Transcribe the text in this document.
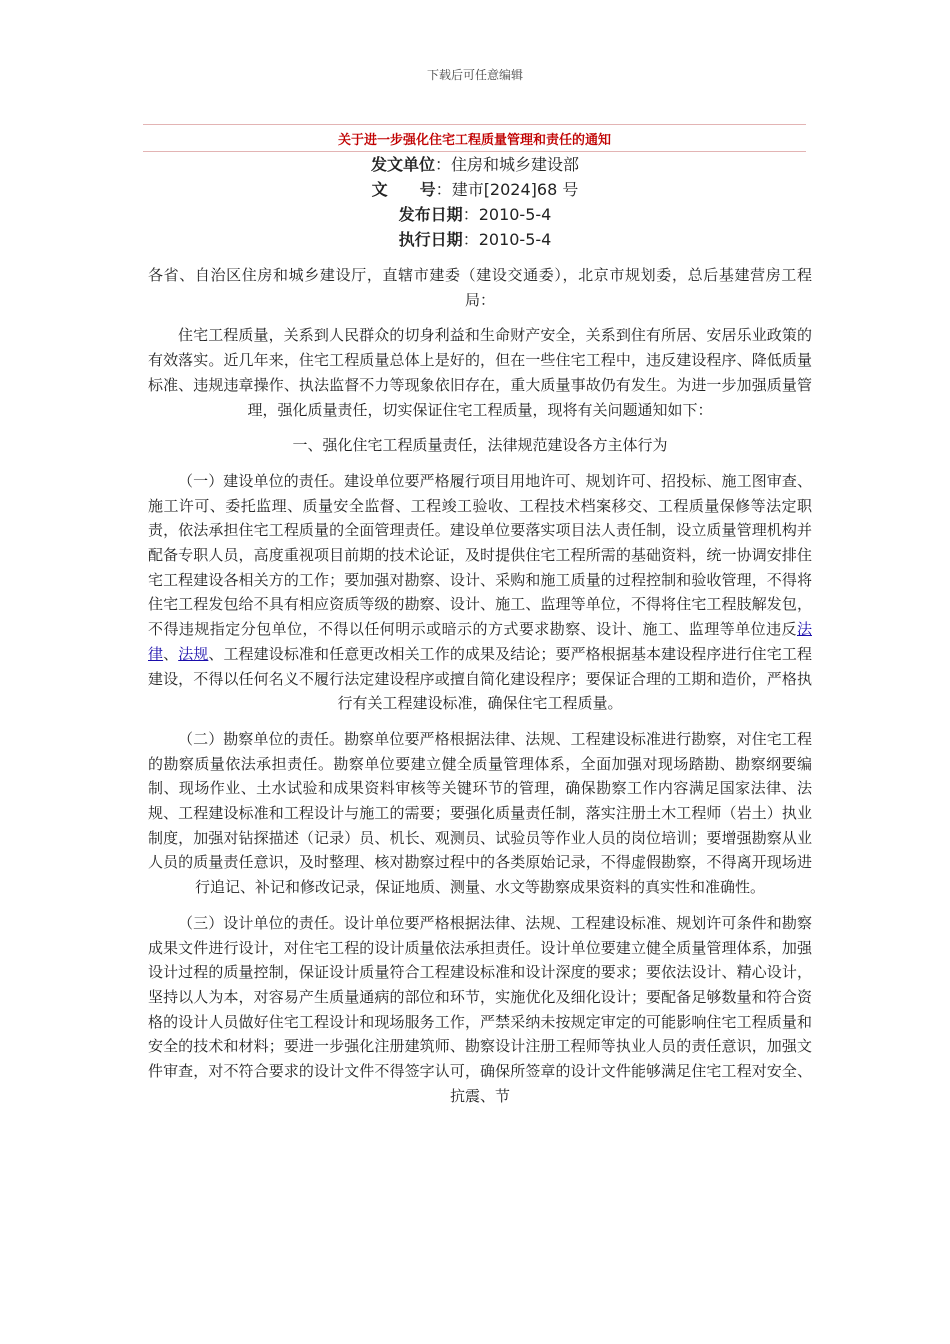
下载后可任意编辑
关于进一步强化住宅工程质量管理和责任的通知
发文单位：住房和城乡建设部
文　　号：建市[2024]68 号
发布日期：2010-5-4
执行日期：2010-5-4

各省、自治区住房和城乡建设厅，直辖市建委（建设交通委），北京市规划委，总后基建营房工程局：

住宅工程质量，关系到人民群众的切身利益和生命财产安全，关系到住有所居、安居乐业政策的有效落实。近几年来，住宅工程质量总体上是好的，但在一些住宅工程中，违反建设程序、降低质量标准、违规违章操作、执法监督不力等现象依旧存在，重大质量事故仍有发生。为进一步加强质量管理，强化质量责任，切实保证住宅工程质量，现将有关问题通知如下：

一、强化住宅工程质量责任，法律规范建设各方主体行为

（一）建设单位的责任。建设单位要严格履行项目用地许可、规划许可、招投标、施工图审查、施工许可、委托监理、质量安全监督、工程竣工验收、工程技术档案移交、工程质量保修等法定职责，依法承担住宅工程质量的全面管理责任。建设单位要落实项目法人责任制，设立质量管理机构并配备专职人员，高度重视项目前期的技术论证，及时提供住宅工程所需的基础资料，统一协调安排住宅工程建设各相关方的工作；要加强对勘察、设计、采购和施工质量的过程控制和验收管理，不得将住宅工程发包给不具有相应资质等级的勘察、设计、施工、监理等单位，不得将住宅工程肢解发包，不得违规指定分包单位，不得以任何明示或暗示的方式要求勘察、设计、施工、监理等单位违反法律、法规、工程建设标准和任意更改相关工作的成果及结论；要严格根据基本建设程序进行住宅工程建设，不得以任何名义不履行法定建设程序或擅自简化建设程序；要保证合理的工期和造价，严格执行有关工程建设标准，确保住宅工程质量。

（二）勘察单位的责任。勘察单位要严格根据法律、法规、工程建设标准进行勘察，对住宅工程的勘察质量依法承担责任。勘察单位要建立健全质量管理体系，全面加强对现场踏勘、勘察纲要编制、现场作业、土水试验和成果资料审核等关键环节的管理，确保勘察工作内容满足国家法律、法规、工程建设标准和工程设计与施工的需要；要强化质量责任制，落实注册土木工程师（岩土）执业制度，加强对钻探描述（记录）员、机长、观测员、试验员等作业人员的岗位培训；要增强勘察从业人员的质量责任意识，及时整理、核对勘察过程中的各类原始记录，不得虚假勘察，不得离开现场进行追记、补记和修改记录，保证地质、测量、水文等勘察成果资料的真实性和准确性。

（三）设计单位的责任。设计单位要严格根据法律、法规、工程建设标准、规划许可条件和勘察成果文件进行设计，对住宅工程的设计质量依法承担责任。设计单位要建立健全质量管理体系，加强设计过程的质量控制，保证设计质量符合工程建设标准和设计深度的要求；要依法设计、精心设计，坚持以人为本，对容易产生质量通病的部位和环节，实施优化及细化设计；要配备足够数量和符合资格的设计人员做好住宅工程设计和现场服务工作，严禁采纳未按规定审定的可能影响住宅工程质量和安全的技术和材料；要进一步强化注册建筑师、勘察设计注册工程师等执业人员的责任意识，加强文件审查，对不符合要求的设计文件不得签字认可，确保所签章的设计文件能够满足住宅工程对安全、抗震、节
